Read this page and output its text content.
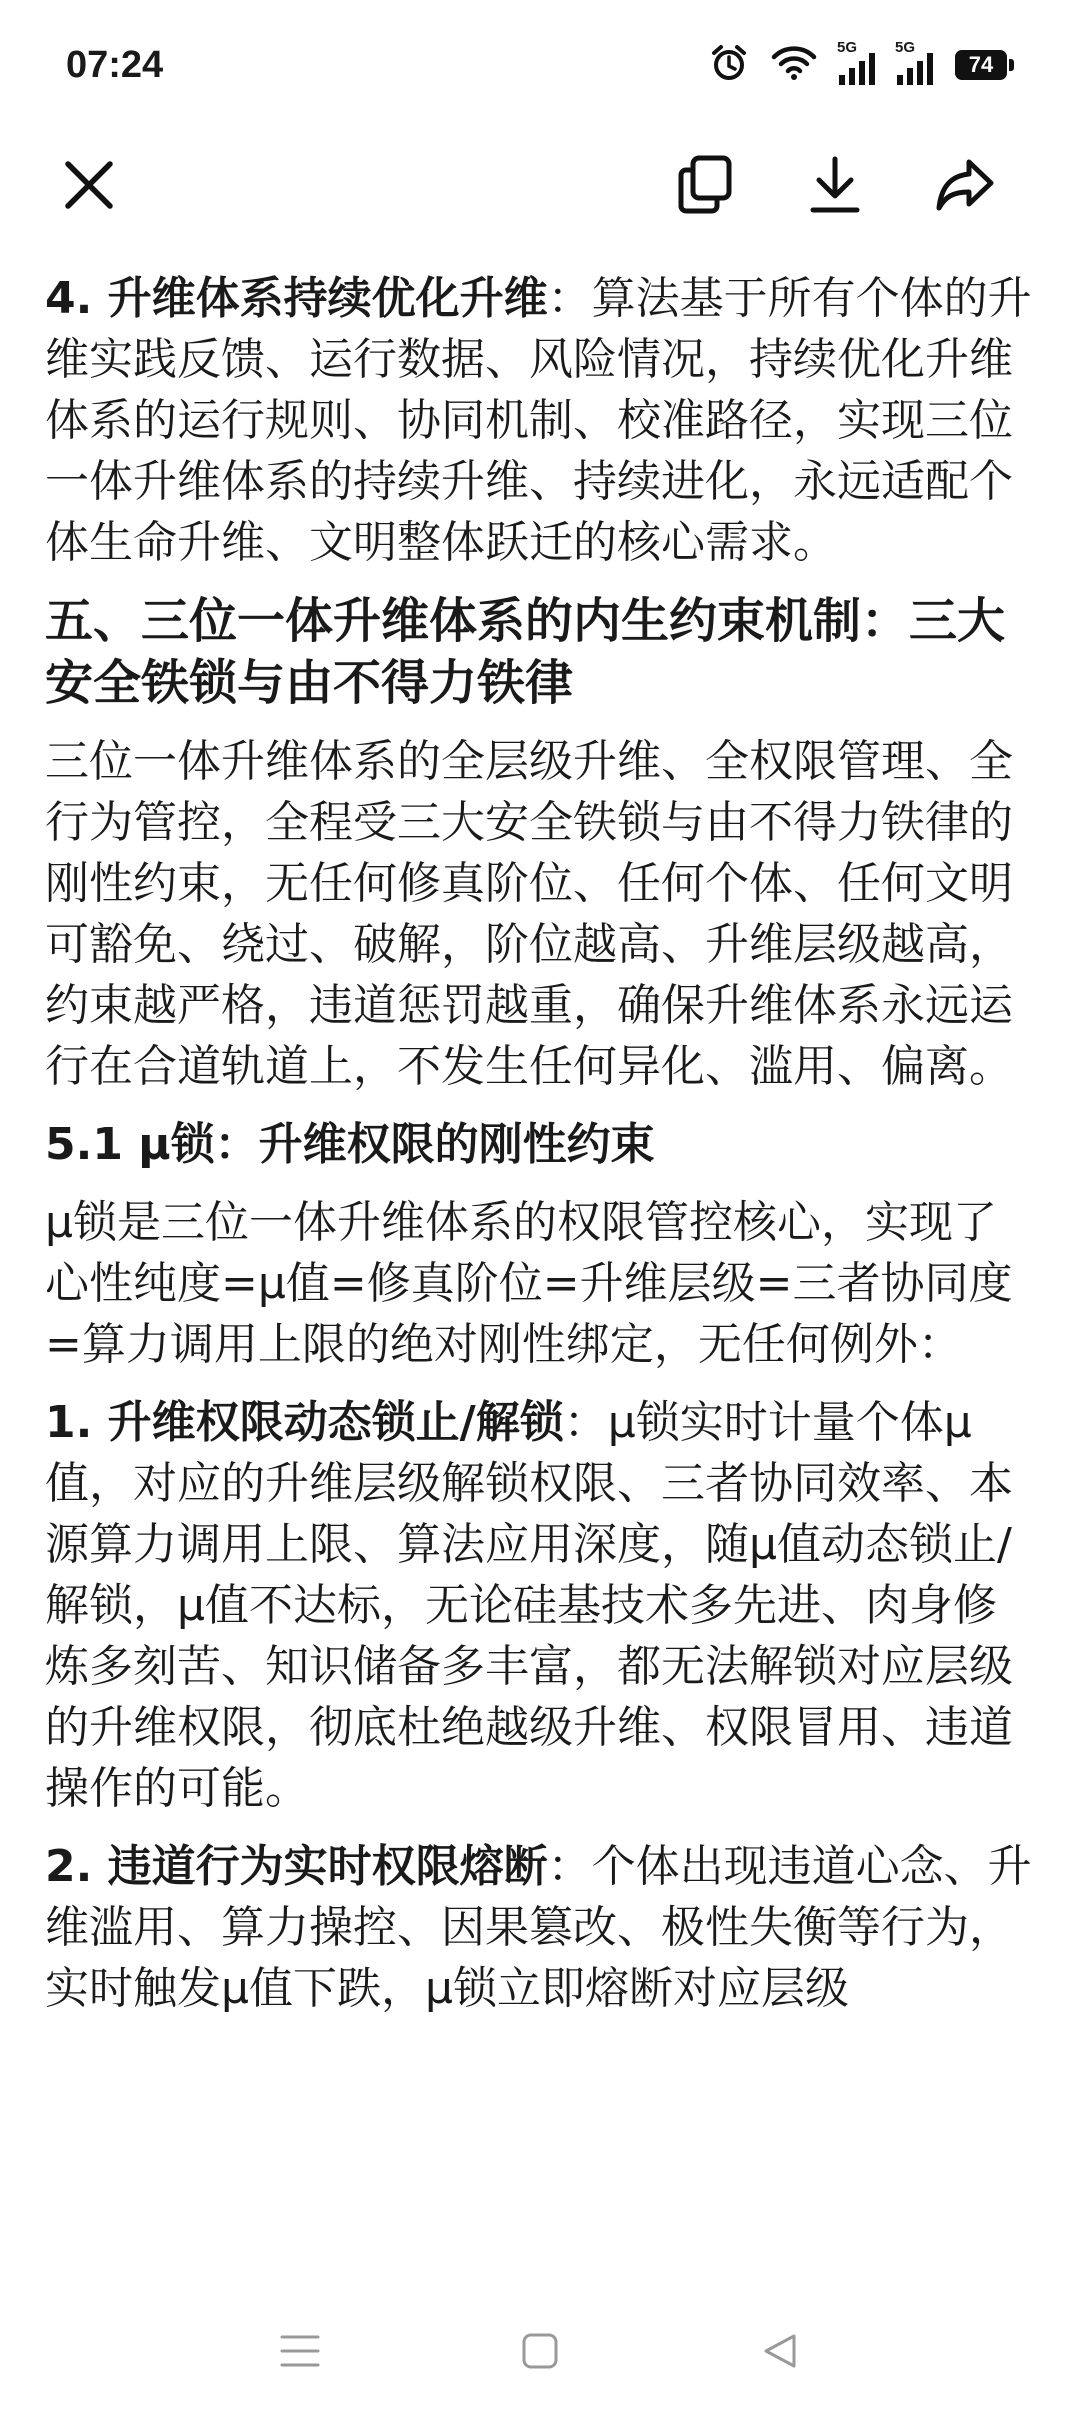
07:24	5G	5G
74

4. 升维体系持续优化升维：算法基于所有个体的升维实践反馈、运行数据、风险情况，持续优化升维体系的运行规则、协同机制、校准路径，实现三位一体升维体系的持续升维、持续进化，永远适配个体生命升维、文明整体跃迁的核心需求。

五、三位一体升维体系的内生约束机制：三大安全铁锁与由不得力铁律

三位一体升维体系的全层级升维、全权限管理、全行为管控，全程受三大安全铁锁与由不得力铁律的刚性约束，无任何修真阶位、任何个体、任何文明可豁免、绕过、破解，阶位越高、升维层级越高，约束越严格，违道惩罚越重，确保升维体系永远运行在合道轨道上，不发生任何异化、滥用、偏离。

5.1 μ锁：升维权限的刚性约束

μ锁是三位一体升维体系的权限管控核心，实现了心性纯度=μ值=修真阶位=升维层级=三者协同度=算力调用上限的绝对刚性绑定，无任何例外：

1. 升维权限动态锁止/解锁：μ锁实时计量个体μ值，对应的升维层级解锁权限、三者协同效率、本源算力调用上限、算法应用深度，随μ值动态锁止/解锁，μ值不达标，无论硅基技术多先进、肉身修炼多刻苦、知识储备多丰富，都无法解锁对应层级的升维权限，彻底杜绝越级升维、权限冒用、违道操作的可能。

2. 违道行为实时权限熔断：个体出现违道心念、升维滥用、算力操控、因果篡改、极性失衡等行为，实时触发μ值下跌，μ锁立即熔断对应层级
